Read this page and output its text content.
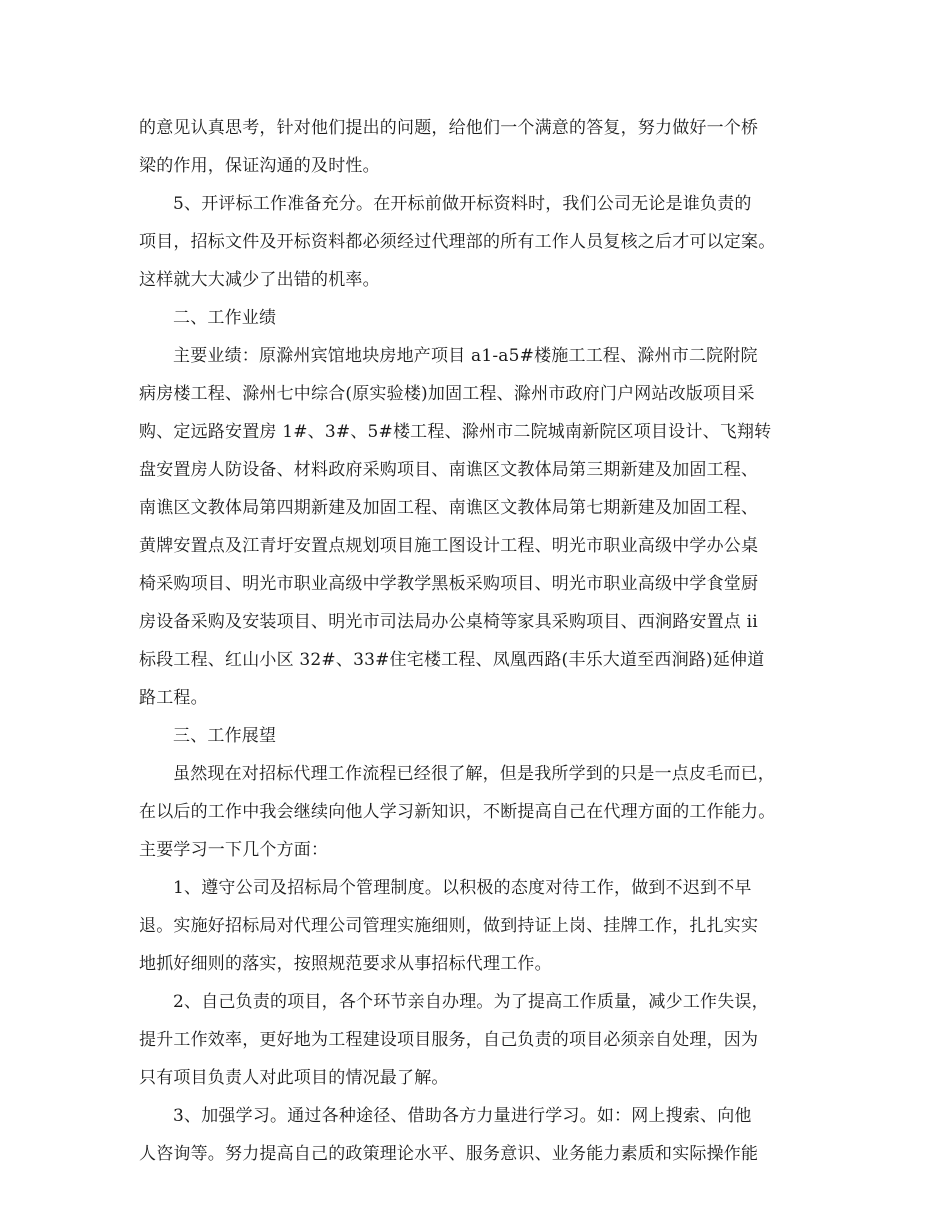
的意见认真思考，针对他们提出的问题，给他们一个满意的答复，努力做好一个桥
梁的作用，保证沟通的及时性。
5、开评标工作准备充分。在开标前做开标资料时，我们公司无论是谁负责的
项目，招标文件及开标资料都必须经过代理部的所有工作人员复核之后才可以定案。
这样就大大减少了出错的机率。
二、工作业绩
主要业绩：原滁州宾馆地块房地产项目 a1-a5#楼施工工程、滁州市二院附院
病房楼工程、滁州七中综合(原实验楼)加固工程、滁州市政府门户网站改版项目采
购、定远路安置房 1#、3#、5#楼工程、滁州市二院城南新院区项目设计、飞翔转
盘安置房人防设备、材料政府采购项目、南谯区文教体局第三期新建及加固工程、
南谯区文教体局第四期新建及加固工程、南谯区文教体局第七期新建及加固工程、
黄牌安置点及江青圩安置点规划项目施工图设计工程、明光市职业高级中学办公桌
椅采购项目、明光市职业高级中学教学黑板采购项目、明光市职业高级中学食堂厨
房设备采购及安装项目、明光市司法局办公桌椅等家具采购项目、西涧路安置点 ii
标段工程、红山小区 32#、33#住宅楼工程、凤凰西路(丰乐大道至西涧路)延伸道
路工程。
三、工作展望
虽然现在对招标代理工作流程已经很了解，但是我所学到的只是一点皮毛而已，
在以后的工作中我会继续向他人学习新知识，不断提高自己在代理方面的工作能力。
主要学习一下几个方面：
1、遵守公司及招标局个管理制度。以积极的态度对待工作，做到不迟到不早
退。实施好招标局对代理公司管理实施细则，做到持证上岗、挂牌工作，扎扎实实
地抓好细则的落实，按照规范要求从事招标代理工作。
2、自己负责的项目，各个环节亲自办理。为了提高工作质量，减少工作失误，
提升工作效率，更好地为工程建设项目服务，自己负责的项目必须亲自处理，因为
只有项目负责人对此项目的情况最了解。
3、加强学习。通过各种途径、借助各方力量进行学习。如：网上搜索、向他
人咨询等。努力提高自己的政策理论水平、服务意识、业务能力素质和实际操作能
